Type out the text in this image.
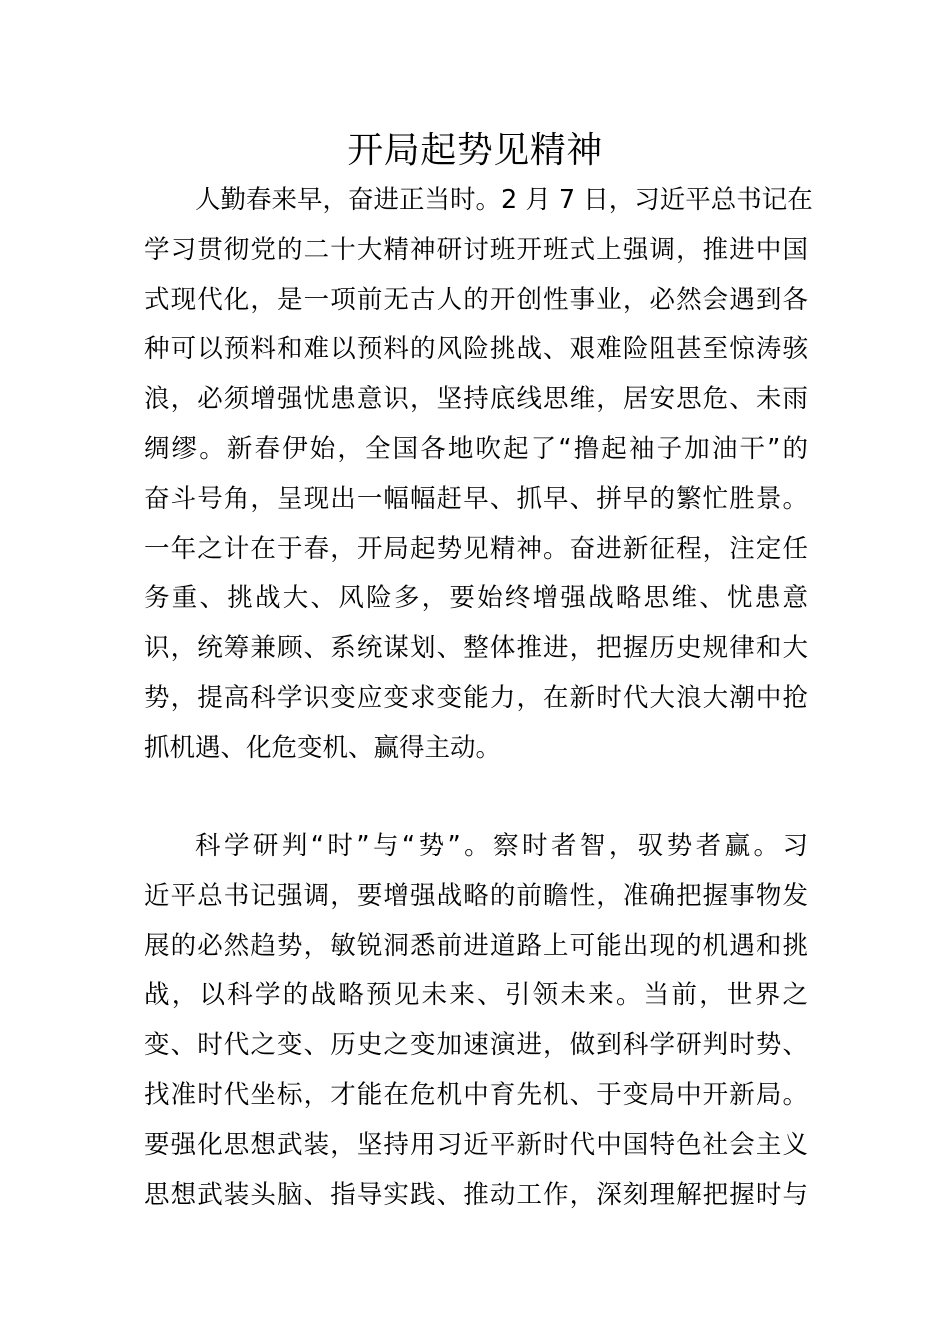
开局起势见精神
人勤春来早，奋进正当时。2 月 7 日，习近平总书记在
学习贯彻党的二十大精神研讨班开班式上强调，推进中国
式现代化，是一项前无古人的开创性事业，必然会遇到各
种可以预料和难以预料的风险挑战、艰难险阻甚至惊涛骇
浪，必须增强忧患意识，坚持底线思维，居安思危、未雨
绸缪。新春伊始，全国各地吹起了“撸起袖子加油干”的
奋斗号角，呈现出一幅幅赶早、抓早、拼早的繁忙胜景。
一年之计在于春，开局起势见精神。奋进新征程，注定任
务重、挑战大、风险多，要始终增强战略思维、忧患意
识，统筹兼顾、系统谋划、整体推进，把握历史规律和大
势，提高科学识变应变求变能力，在新时代大浪大潮中抢
抓机遇、化危变机、赢得主动。
科学研判“时”与“势”。察时者智，驭势者赢。习
近平总书记强调，要增强战略的前瞻性，准确把握事物发
展的必然趋势，敏锐洞悉前进道路上可能出现的机遇和挑
战，以科学的战略预见未来、引领未来。当前，世界之
变、时代之变、历史之变加速演进，做到科学研判时势、
找准时代坐标，才能在危机中育先机、于变局中开新局。
要强化思想武装，坚持用习近平新时代中国特色社会主义
思想武装头脑、指导实践、推动工作，深刻理解把握时与
